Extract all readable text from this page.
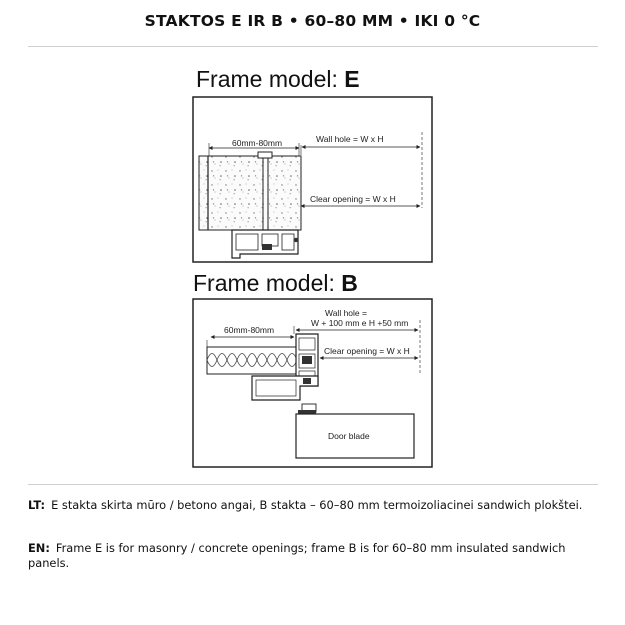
STAKTOS E IR B • 60–80 MM • IKI 0 °C
Frame model: E
60mm-80mm	Wall hole = W x H
Clear opening = W x H
Frame model: B
60mm-80mm
Wall hole =
W + 100 mm e H +50 mm
Clear opening = W x H
Door blade
LT: E stakta skirta mūro / betono angai, B stakta – 60–80 mm termoizoliacinei sandwich plokštei.
EN: Frame E is for masonry / concrete openings; frame B is for 60–80 mm insulated sandwich panels.
